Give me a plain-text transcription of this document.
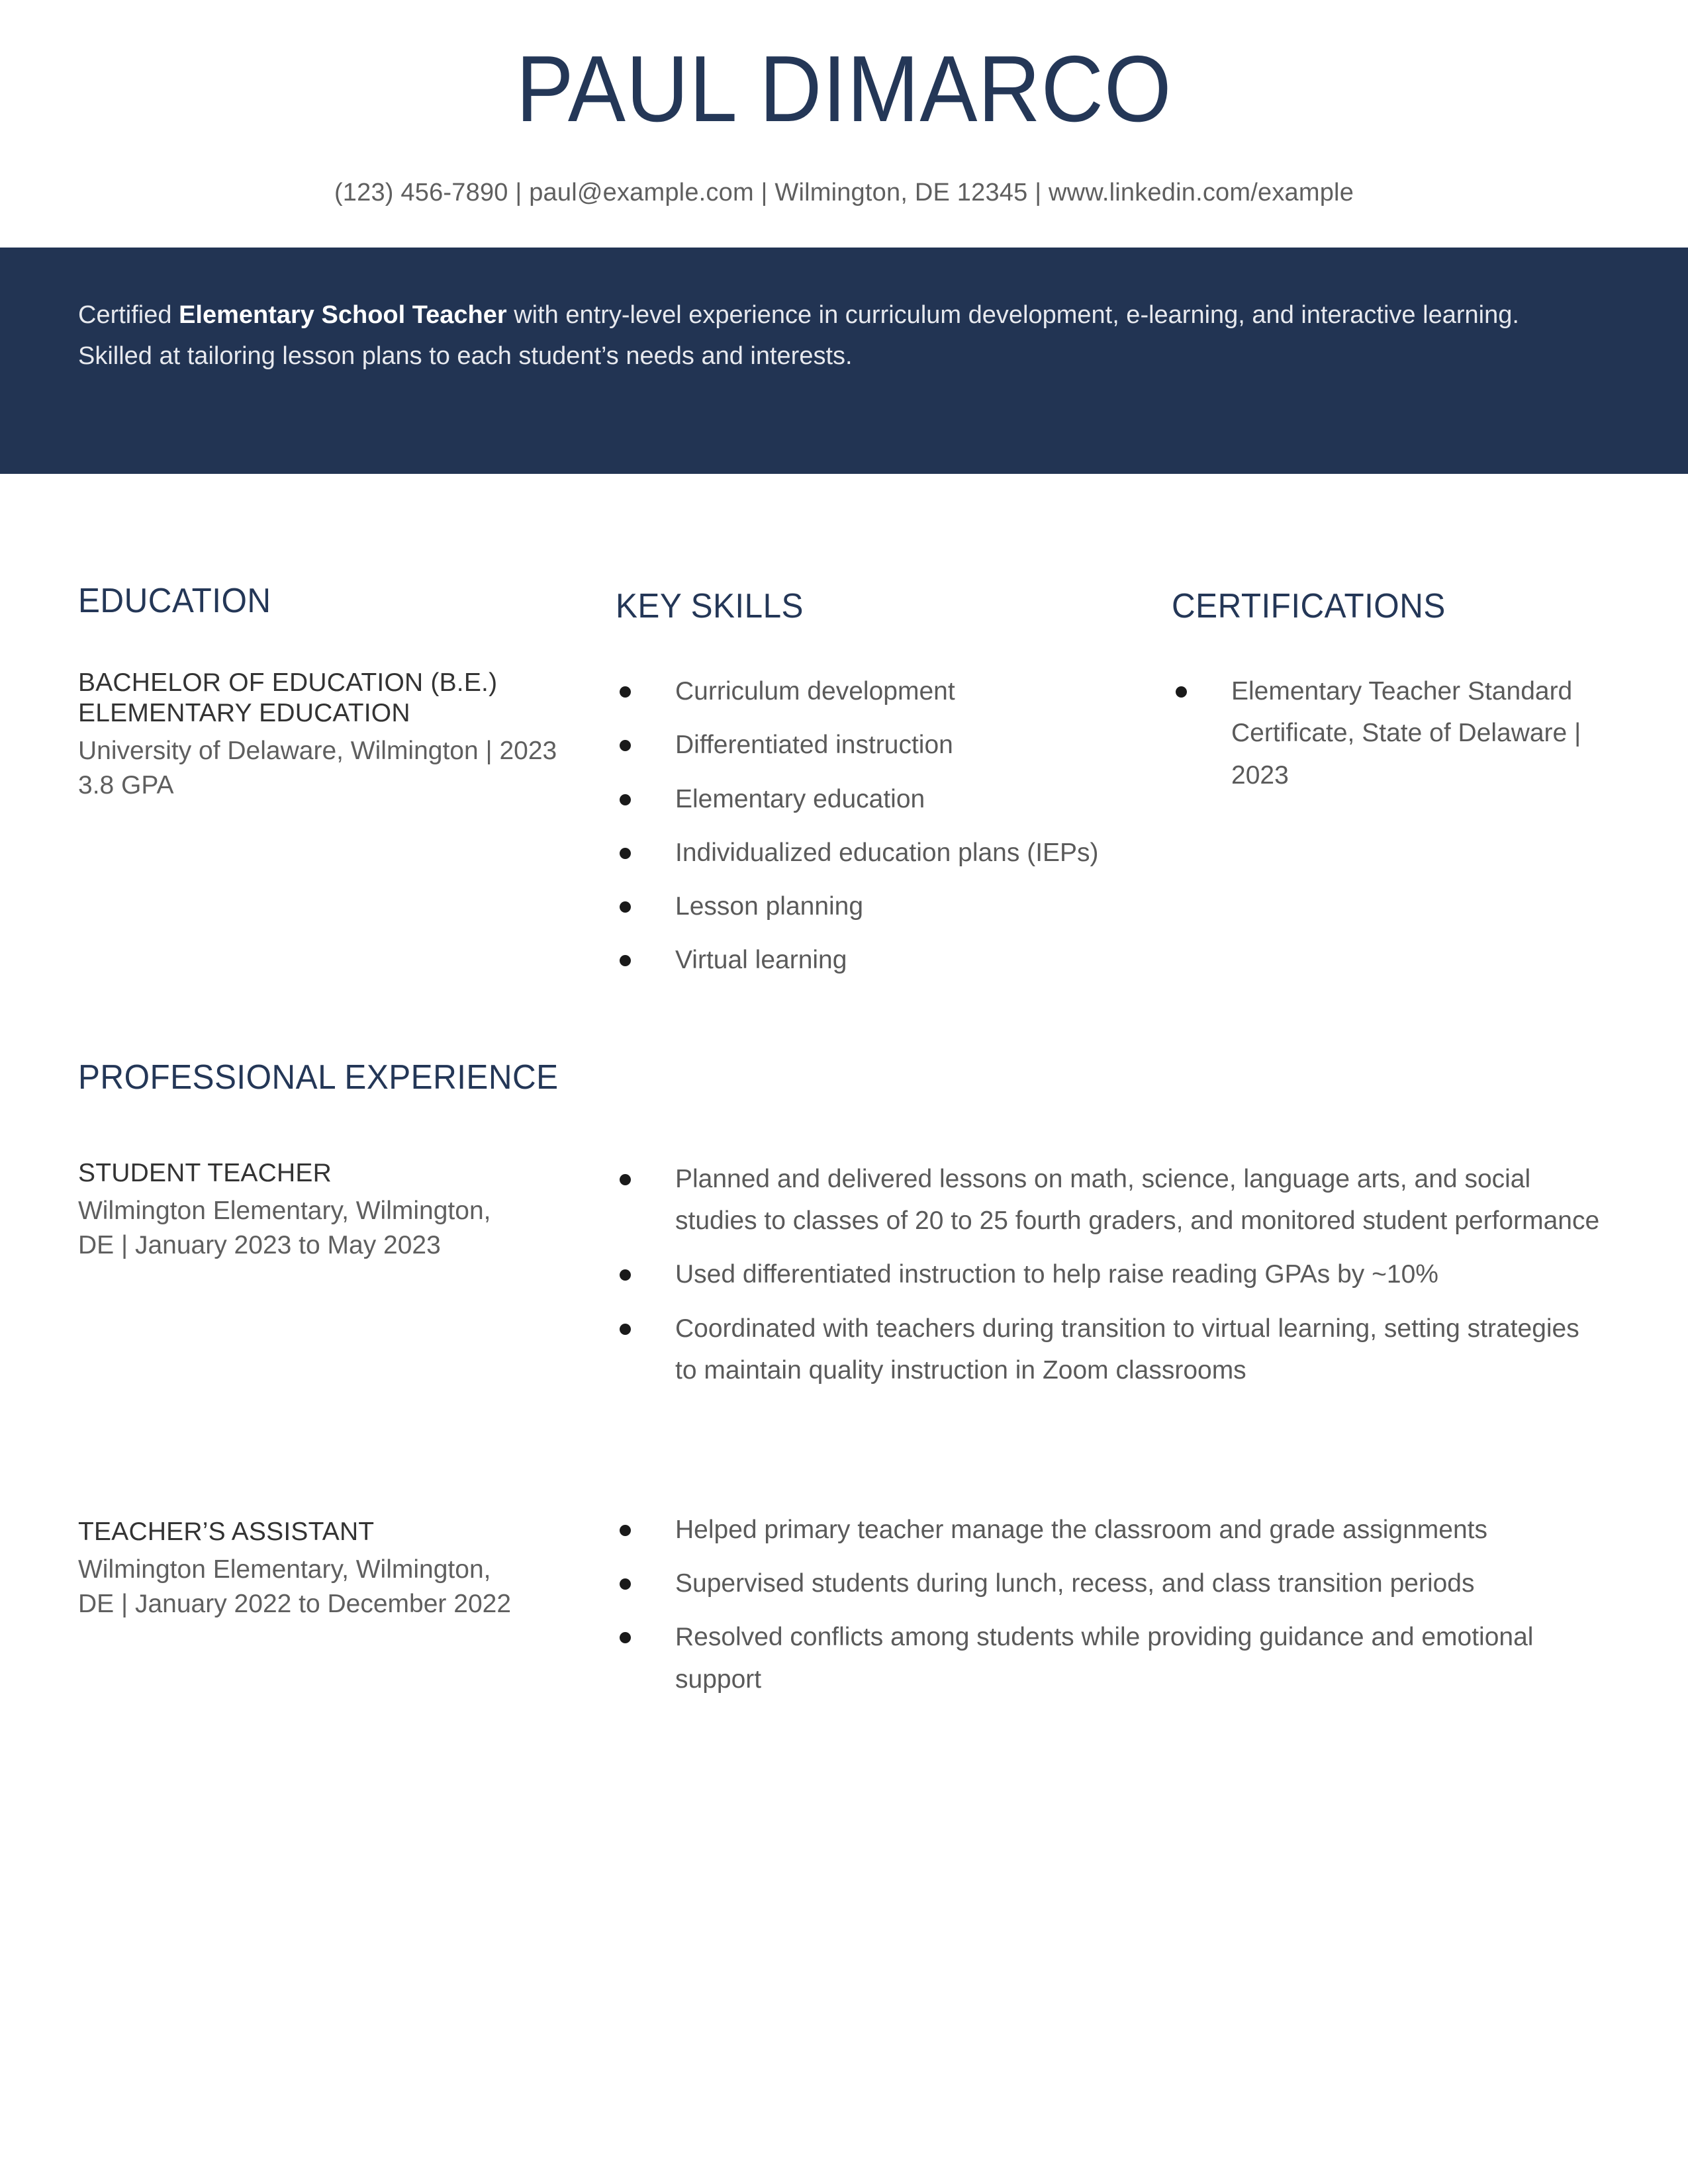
PAUL DIMARCO
(123) 456-7890 | paul@example.com | Wilmington, DE 12345 | www.linkedin.com/example
Certified Elementary School Teacher with entry-level experience in curriculum development, e-learning, and interactive learning. Skilled at tailoring lesson plans to each student’s needs and interests.
EDUCATION
BACHELOR OF EDUCATION (B.E.)
ELEMENTARY EDUCATION
University of Delaware, Wilmington | 2023
3.8 GPA
KEY SKILLS
Curriculum development
Differentiated instruction
Elementary education
Individualized education plans (IEPs)
Lesson planning
Virtual learning
CERTIFICATIONS
Elementary Teacher Standard Certificate, State of Delaware | 2023
PROFESSIONAL EXPERIENCE
STUDENT TEACHER
Wilmington Elementary, Wilmington,
DE | January 2023 to May 2023
Planned and delivered lessons on math, science, language arts, and social studies to classes of 20 to 25 fourth graders, and monitored student performance
Used differentiated instruction to help raise reading GPAs by ~10%
Coordinated with teachers during transition to virtual learning, setting strategies to maintain quality instruction in Zoom classrooms
TEACHER’S ASSISTANT
Wilmington Elementary, Wilmington,
DE | January 2022 to December 2022
Helped primary teacher manage the classroom and grade assignments
Supervised students during lunch, recess, and class transition periods
Resolved conflicts among students while providing guidance and emotional support
